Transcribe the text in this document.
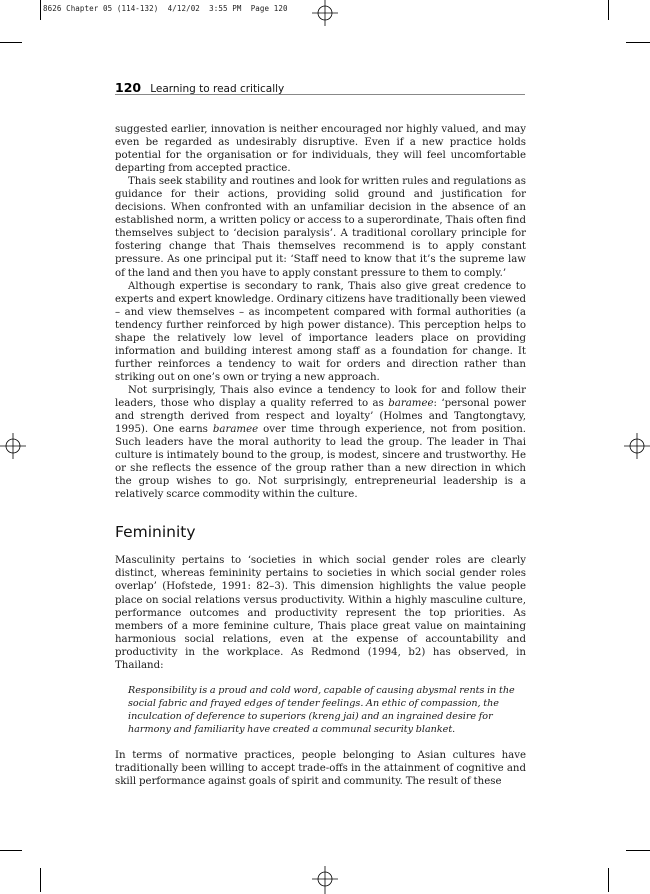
8626 Chapter 05 (114-132)  4/12/02  3:55 PM  Page 120
120 Learning to read critically

suggested earlier, innovation is neither encouraged nor highly valued, and may even be regarded as undesirably disruptive. Even if a new practice holds potential for the organisation or for individuals, they will feel uncomfortable departing from accepted practice.

Thais seek stability and routines and look for written rules and regulations as guidance for their actions, providing solid ground and justification for decisions. When confronted with an unfamiliar decision in the absence of an established norm, a written policy or access to a superordinate, Thais often find themselves subject to ‘decision paralysis’. A traditional corollary principle for fostering change that Thais themselves recommend is to apply constant pressure. As one principal put it: ‘Staff need to know that it’s the supreme law of the land and then you have to apply constant pressure to them to comply.’

Although expertise is secondary to rank, Thais also give great credence to experts and expert knowledge. Ordinary citizens have traditionally been viewed – and view themselves – as incompetent compared with formal authorities (a tendency further reinforced by high power distance). This perception helps to shape the relatively low level of importance leaders place on providing information and building interest among staff as a foundation for change. It further reinforces a tendency to wait for orders and direction rather than striking out on one’s own or trying a new approach.

Not surprisingly, Thais also evince a tendency to look for and follow their leaders, those who display a quality referred to as baramee: ‘personal power and strength derived from respect and loyalty’ (Holmes and Tangtongtavy, 1995). One earns baramee over time through experience, not from position. Such leaders have the moral authority to lead the group. The leader in Thai culture is intimately bound to the group, is modest, sincere and trustworthy. He or she reflects the essence of the group rather than a new direction in which the group wishes to go. Not surprisingly, entrepreneurial leadership is a relatively scarce commodity within the culture.

Femininity

Masculinity pertains to ‘societies in which social gender roles are clearly distinct, whereas femininity pertains to societies in which social gender roles overlap’ (Hofstede, 1991: 82–3). This dimension highlights the value people place on social relations versus productivity. Within a highly masculine culture, performance outcomes and productivity represent the top priorities. As members of a more feminine culture, Thais place great value on maintaining harmonious social relations, even at the expense of accountability and productivity in the workplace. As Redmond (1994, b2) has observed, in Thailand:

Responsibility is a proud and cold word, capable of causing abysmal rents in the
social fabric and frayed edges of tender feelings. An ethic of compassion, the
inculcation of deference to superiors (kreng jai) and an ingrained desire for
harmony and familiarity have created a communal security blanket.

In terms of normative practices, people belonging to Asian cultures have traditionally been willing to accept trade-offs in the attainment of cognitive and skill performance against goals of spirit and community. The result of these
